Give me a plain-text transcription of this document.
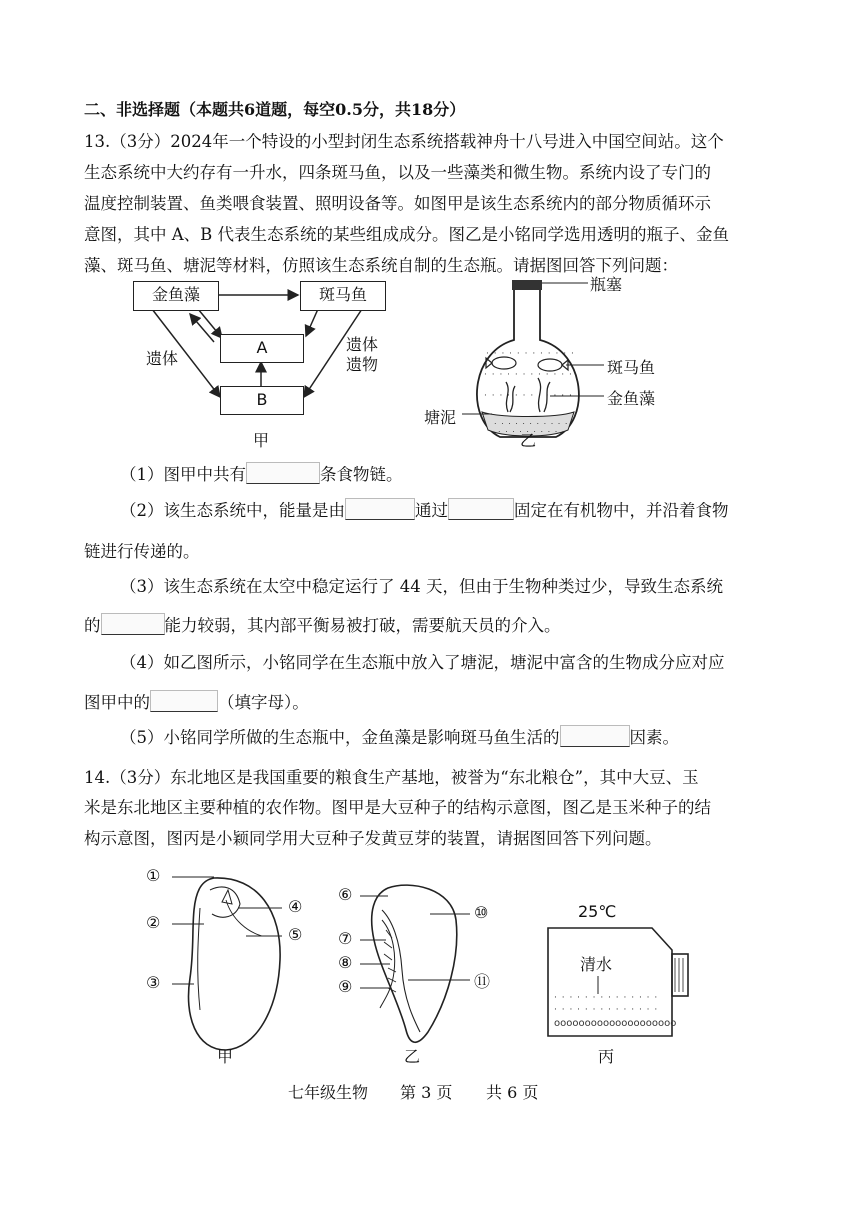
二、非选择题（本题共6道题，每空0.5分，共18分）
13.（3分）2024年一个特设的小型封闭生态系统搭载神舟十八号进入中国空间站。这个
生态系统中大约存有一升水，四条斑马鱼，以及一些藻类和微生物。系统内设了专门的
温度控制装置、鱼类喂食装置、照明设备等。如图甲是该生态系统内的部分物质循环示
意图，其中 A、B 代表生态系统的某些组成成分。图乙是小铭同学选用透明的瓶子、金鱼
藻、斑马鱼、塘泥等材料，仿照该生态系统自制的生态瓶。请据图回答下列问题：
金鱼藻	斑马鱼
A
B
遗体
遗体
遗物
甲
· · · · · · · · · · · ·
· · · · · · · · · · · ·
· · · · · · · · · · · ·
. . . . . . . . . . .
. . . . . . . . . .
瓶塞
斑马鱼
金鱼藻
塘泥
乙
（1）图甲中共有	条食物链。
（2）该生态系统中，能量是由	通过	固定在有机物中，并沿着食物
链进行传递的。
（3）该生态系统在太空中稳定运行了 44 天，但由于生物种类过少，导致生态系统
的	能力较弱，其内部平衡易被打破，需要航天员的介入。
（4）如乙图所示，小铭同学在生态瓶中放入了塘泥，塘泥中富含的生物成分应对应
图甲中的	（填字母）。
（5）小铭同学所做的生态瓶中，金鱼藻是影响斑马鱼生活的	因素。
14.（3分）东北地区是我国重要的粮食生产基地，被誉为“东北粮仓”，其中大豆、玉
米是东北地区主要种植的农作物。图甲是大豆种子的结构示意图，图乙是玉米种子的结
构示意图，图丙是小颖同学用大豆种子发黄豆芽的装置，请据图回答下列问题。
· · · · · · · · · · · · · ·
· · · · · · · · · · · · · ·
oooooooooooooooooooo
①
②
③
④
⑤
甲
⑥
⑦
⑧
⑨
⑩
⑪
乙
25℃
清水
丙
七年级生物 第 3 页 共 6 页
